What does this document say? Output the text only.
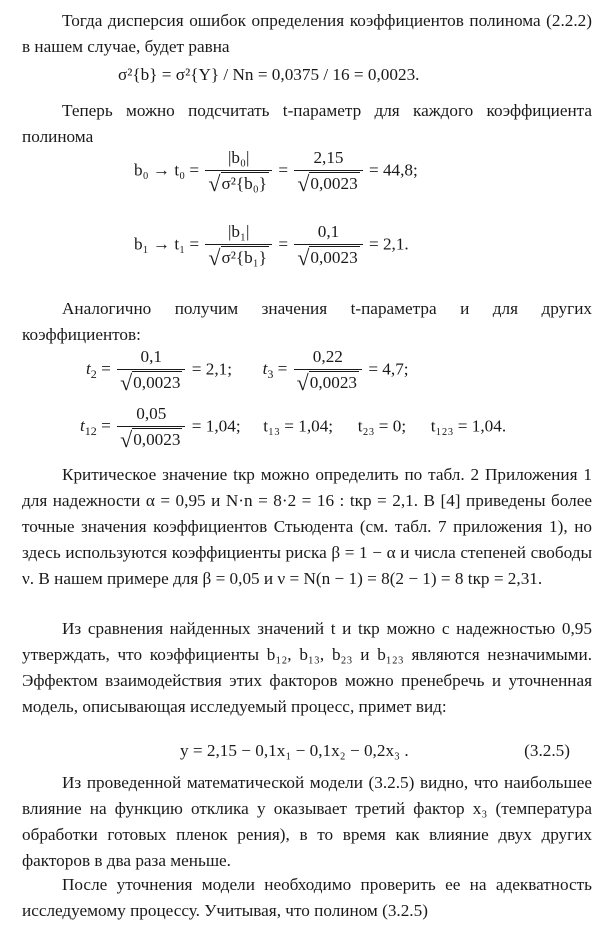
Тогда дисперсия ошибок определения коэффициентов полинома (2.2.2) в нашем случае, будет равна
σ²{b} = σ²{Y} / Nn = 0,0375 / 16 = 0,0023.
Теперь можно подсчитать t-параметр для каждого коэффициента полинома
$b_0 \to t_0 = \frac{\text{|b₀|}}{\text{√σ²\{b₀\}}} = \frac{2,15}{√0,0023} = 44,8$;
$b_1 \to t_1 = \frac{\text{|b₁|}}{\text{√σ²\{b₁\}}} = \frac{0,1}{√0,0023} = 2,1$.
Аналогично получим значения t-параметра и для других коэффициентов:
$t_2 = \frac{0,1}{√0,0023} = 2,1$; $t_3 = \frac{0,22}{√0,0023} = 4,7$;
$t_{12} = \frac{0,05}{√0,0023} = 1,04$; t₁₃ = 1,04; t₂₃ = 0; t₁₂₃ = 1,04.
Критическое значение tкр можно определить по табл. 2 Приложения 1 для надежности α = 0,95 и N·n = 8·2 = 16 : tкр = 2,1. В [4] приведены более точные значения коэффициентов Стьюдента (см. табл. 7 приложения 1), но здесь используются коэффициенты риска β = 1 − α и числа степеней свободы ν. В нашем примере для β = 0,05 и ν = N(n − 1) = 8(2 − 1) = 8 tкр = 2,31.
Из сравнения найденных значений t и tкр можно с надежностью 0,95 утверждать, что коэффициенты b₁₂, b₁₃, b₂₃ и b₁₂₃ являются незначимыми. Эффектом взаимодействия этих факторов можно пренебречь и уточненная модель, описывающая исследуемый процесс, примет вид:
y = 2,15 − 0,1x₁ − 0,1x₂ − 0,2x₃ .	(3.2.5)
Из проведенной математической модели (3.2.5) видно, что наибольшее влияние на функцию отклика y оказывает третий фактор x₃ (температура обработки готовых пленок рения), в то время как влияние двух других факторов в два раза меньше.
После уточнения модели необходимо проверить ее на адекватность исследуемому процессу. Учитывая, что полином (3.2.5)
